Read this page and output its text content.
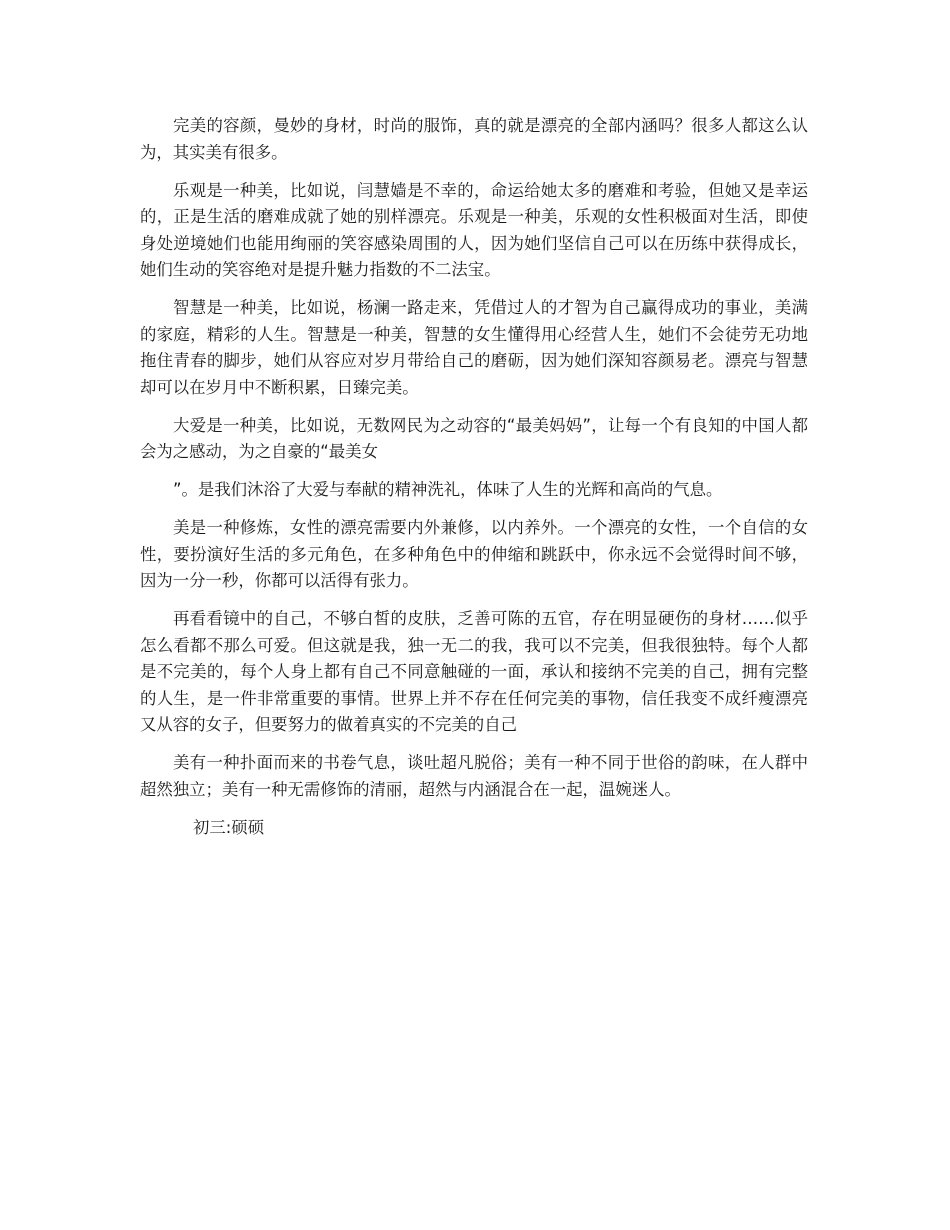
完美的容颜，曼妙的身材，时尚的服饰，真的就是漂亮的全部内涵吗？很多人都这么认为，其实美有很多。

乐观是一种美，比如说，闫慧嫱是不幸的，命运给她太多的磨难和考验，但她又是幸运的，正是生活的磨难成就了她的别样漂亮。乐观是一种美，乐观的女性积极面对生活，即使身处逆境她们也能用绚丽的笑容感染周围的人，因为她们坚信自己可以在历练中获得成长，她们生动的笑容绝对是提升魅力指数的不二法宝。

智慧是一种美，比如说，杨澜一路走来，凭借过人的才智为自己赢得成功的事业，美满的家庭，精彩的人生。智慧是一种美，智慧的女生懂得用心经营人生，她们不会徒劳无功地拖住青春的脚步，她们从容应对岁月带给自己的磨砺，因为她们深知容颜易老。漂亮与智慧却可以在岁月中不断积累，日臻完美。

大爱是一种美，比如说，无数网民为之动容的“最美妈妈”，让每一个有良知的中国人都会为之感动，为之自豪的“最美女

”。是我们沐浴了大爱与奉献的精神洗礼，体味了人生的光辉和高尚的气息。

美是一种修炼，女性的漂亮需要内外兼修，以内养外。一个漂亮的女性，一个自信的女性，要扮演好生活的多元角色，在多种角色中的伸缩和跳跃中，你永远不会觉得时间不够，因为一分一秒，你都可以活得有张力。

再看看镜中的自己，不够白皙的皮肤，乏善可陈的五官，存在明显硬伤的身材……似乎怎么看都不那么可爱。但这就是我，独一无二的我，我可以不完美，但我很独特。每个人都是不完美的，每个人身上都有自己不同意触碰的一面，承认和接纳不完美的自己，拥有完整的人生，是一件非常重要的事情。世界上并不存在任何完美的事物，信任我变不成纤瘦漂亮又从容的女子，但要努力的做着真实的不完美的自己

美有一种扑面而来的书卷气息，谈吐超凡脱俗；美有一种不同于世俗的韵味，在人群中超然独立；美有一种无需修饰的清丽，超然与内涵混合在一起，温婉迷人。

初三:硕硕
